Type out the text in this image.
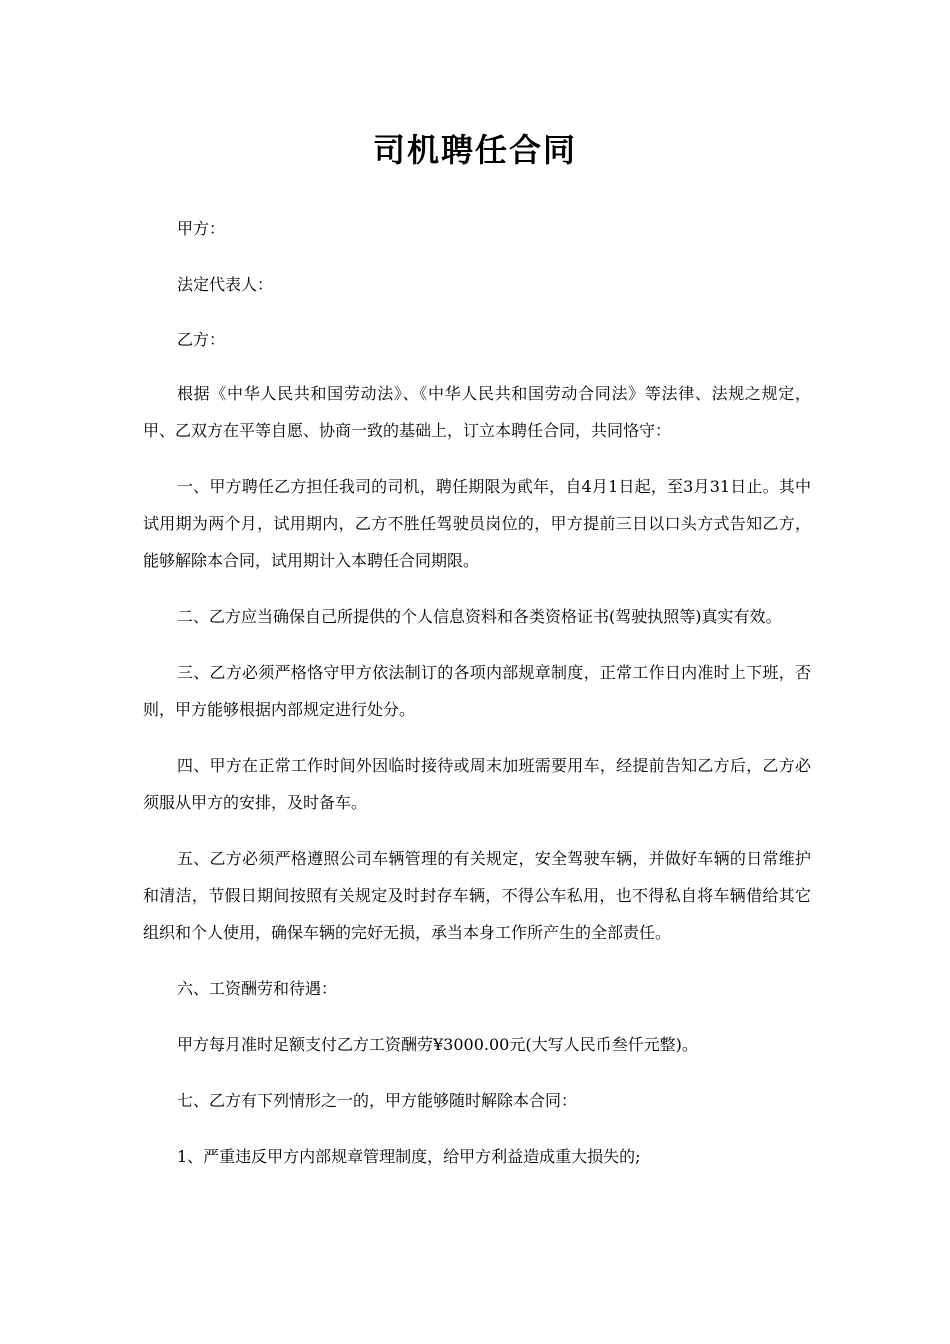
司机聘任合同

甲方：

法定代表人：

乙方：

根据《中华人民共和国劳动法》、《中华人民共和国劳动合同法》等法律、法规之规定， 甲、乙双方在平等自愿、协商一致的基础上，订立本聘任合同，共同恪守：

一、甲方聘任乙方担任我司的司机，聘任期限为貮年，自4月1日起，至3月31日止。其中试用期为两个月，试用期内，乙方不胜任驾驶员岗位的，甲方提前三日以口头方式告知乙方，能够解除本合同，试用期计入本聘任合同期限。

二、乙方应当确保自己所提供的个人信息资料和各类资格证书(驾驶执照等)真实有效。

三、乙方必须严格恪守甲方依法制订的各项内部规章制度，正常工作日内准时上下班，否则，甲方能够根据内部规定进行处分。

四、甲方在正常工作时间外因临时接待或周末加班需要用车，经提前告知乙方后，乙方必须服从甲方的安排，及时备车。

五、乙方必须严格遵照公司车辆管理的有关规定，安全驾驶车辆，并做好车辆的日常维护和清洁，节假日期间按照有关规定及时封存车辆，不得公车私用，也不得私自将车辆借给其它组织和个人使用，确保车辆的完好无损，承当本身工作所产生的全部责任。

六、工资酬劳和待遇：

甲方每月准时足额支付乙方工资酬劳¥3000.00元(大写人民币叁仟元整)。

七、乙方有下列情形之一的，甲方能够随时解除本合同：

1、严重违反甲方内部规章管理制度，给甲方利益造成重大损失的;
